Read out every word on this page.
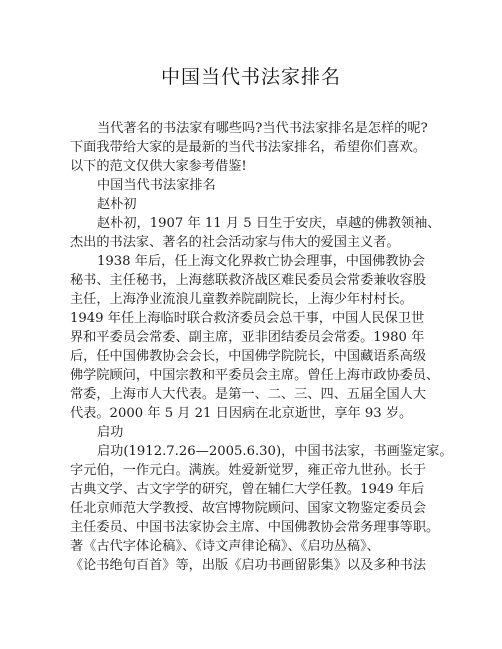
中国当代书法家排名
当代著名的书法家有哪些吗?当代书法家排名是怎样的呢?
下面我带给大家的是最新的当代书法家排名，希望你们喜欢。
以下的范文仅供大家参考借鉴!
中国当代书法家排名
赵朴初
赵朴初，1907 年 11 月 5 日生于安庆，卓越的佛教领袖、
杰出的书法家、著名的社会活动家与伟大的爱国主义者。
1938 年后，任上海文化界救亡协会理事，中国佛教协会
秘书、主任秘书，上海慈联救济战区难民委员会常委兼收容股
主任，上海净业流浪儿童教养院副院长，上海少年村村长。
1949 年任上海临时联合救济委员会总干事，中国人民保卫世
界和平委员会常委、副主席，亚非团结委员会常委。1980 年
后，任中国佛教协会会长，中国佛学院院长，中国藏语系高级
佛学院顾问，中国宗教和平委员会主席。曾任上海市政协委员、
常委，上海市人大代表。是第一、二、三、四、五届全国人大
代表。2000 年 5 月 21 日因病在北京逝世，享年 93 岁。
启功
启功(1912.7.26—2005.6.30)，中国书法家，书画鉴定家。
字元伯，一作元白。满族。姓爱新觉罗，雍正帝九世孙。长于
古典文学、古文字学的研究，曾在辅仁大学任教。1949 年后
任北京师范大学教授、故宫博物院顾问、国家文物鉴定委员会
主任委员、中国书法家协会主席、中国佛教协会常务理事等职。
著《古代字体论稿》、《诗文声律论稿》、《启功丛稿》、
《论书绝句百首》等，出版《启功书画留影集》以及多种书法
